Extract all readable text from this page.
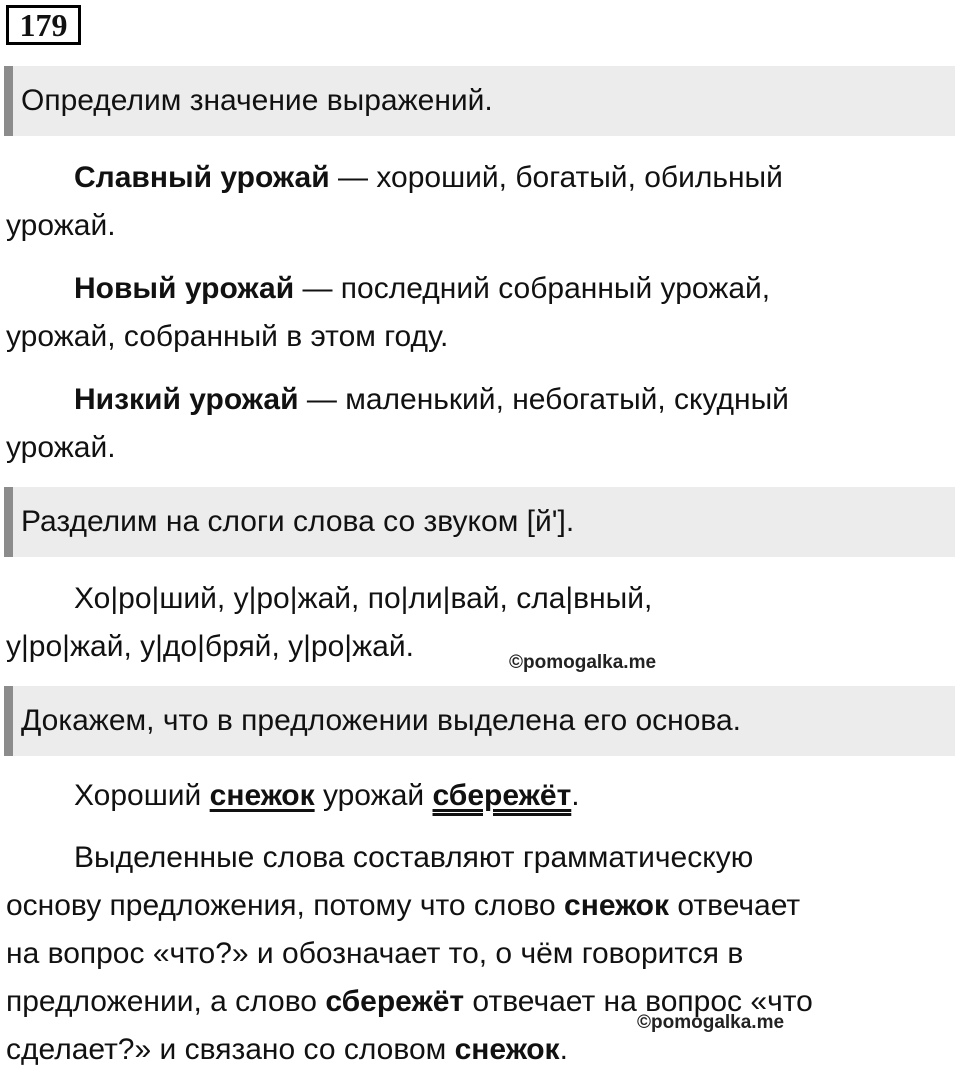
179
Определим значение выражений.

Славный урожай — хороший, богатый, обильный
урожай.

Новый урожай — последний собранный урожай,
урожай, собранный в этом году.

Низкий урожай — маленький, небогатый, скудный
урожай.

Разделим на слоги слова со звуком [й'].

Хо|ро|ший, у|ро|жай, по|ли|вай, сла|вный,
у|ро|жай, у|до|бряй, у|ро|жай.	©pomogalka.me
Докажем, что в предложении выделена его основа.

Хороший снежок урожай сбережёт.

Выделенные слова составляют грамматическую
основу предложения, потому что слово снежок отвечает
на вопрос «что?» и обозначает то, о чём говорится в
предложении, а слово сбережёт отвечает на вопрос «что
сделает?» и связано со словом снежок.

©pomogalka.me
